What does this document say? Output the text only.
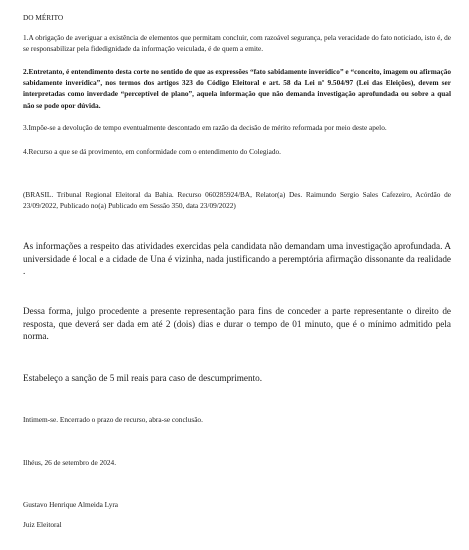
DO MÉRITO

1.A obrigação de averiguar a existência de elementos que permitam concluir, com razoável segurança, pela veracidade do fato noticiado, isto é, de se responsabilizar pela fidedignidade da informação veiculada, é de quem a emite.

2.Entretanto, é entendimento desta corte no sentido de que as expressões “fato sabidamente inverídico” e “conceito, imagem ou afirmação sabidamente inverídica”, nos termos dos artigos 323 do Código Eleitoral e art. 58 da Lei nº 9.504/97 (Lei das Eleições), devem ser interpretadas como inverdade “perceptível de plano”, aquela informação que não demanda investigação aprofundada ou sobre a qual não se pode opor dúvida.

3.Impõe-se a devolução de tempo eventualmente descontado em razão da decisão de mérito reformada por meio deste apelo.

4.Recurso a que se dá provimento, em conformidade com o entendimento do Colegiado.

(BRASIL. Tribunal Regional Eleitoral da Bahia. Recurso 060285924/BA, Relator(a) Des. Raimundo Sergio Sales Cafezeiro, Acórdão de 23/09/2022, Publicado no(a) Publicado em Sessão 350, data 23/09/2022)

As informações a respeito das atividades exercidas pela candidata não demandam uma investigação aprofundada. A universidade é local e a cidade de Una é vizinha, nada justificando a peremptória afirmação dissonante da realidade .

Dessa forma, julgo procedente a presente representação para fins de conceder a parte representante o direito de resposta, que deverá ser dada em até 2 (dois) dias e durar o tempo de 01 minuto, que é o mínimo admitido pela norma.

Estabeleço a sanção de 5 mil reais para caso de descumprimento.

Intimem-se. Encerrado o prazo de recurso, abra-se conclusão.

Ilhéus, 26 de setembro de 2024.

Gustavo Henrique Almeida Lyra

Juiz Eleitoral
